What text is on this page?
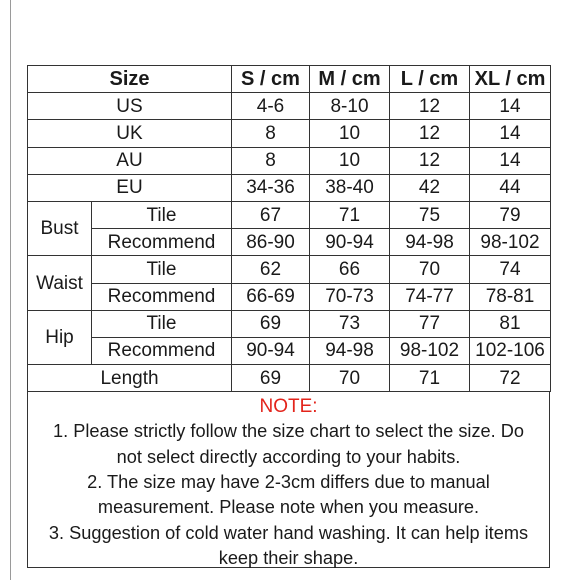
Size		S / cm	M / cm	L / cm	XL / cm
US		4-6	8-10	12	14
UK		8	10	12	14
AU		8	10	12	14
EU		34-36	38-40	42	44
Bust	Tile	67	71	75	79
	Recommend	86-90	90-94	94-98	98-102
Waist	Tile	62	66	70	74
	Recommend	66-69	70-73	74-77	78-81
Hip	Tile	69	73	77	81
	Recommend	90-94	94-98	98-102	102-106
Length		69	70	71	72
NOTE:
1. Please strictly follow the size chart to select the size. Do
not select directly according to your habits.
2. The size may have 2-3cm differs due to manual
measurement. Please note when you measure.
3. Suggestion of cold water hand washing. It can help items
keep their shape.
